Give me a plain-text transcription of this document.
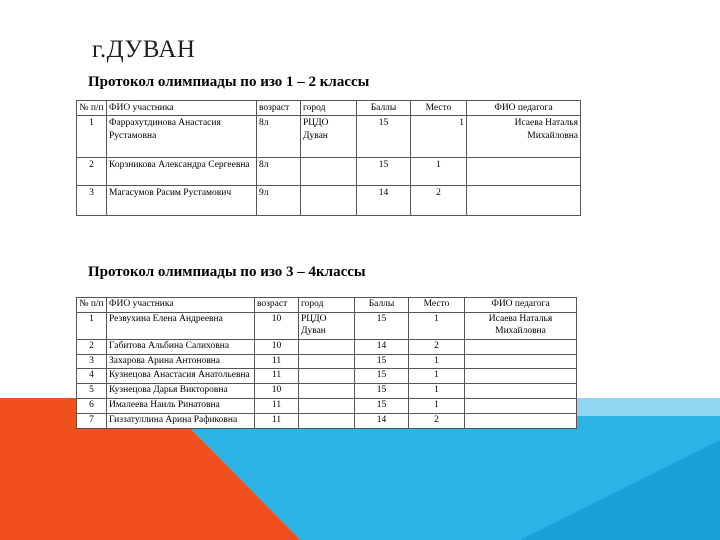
г.ДУВАН
Протокол олимпиады по изо 1 – 2 классы
№ п/п	ФИО участника	возраст	город	Баллы	Место	ФИО педагога
1	Фаррахутдинова Анастасия Рустамовна	8л	РЦДО Дуван	15	1	Исаева Наталья Михайловна
2	Корзникова Александра Сергеевна	8л		15	1	
3	Магасумов Расим Рустамович	9л		14	2	
Протокол олимпиады по изо 3 – 4классы
№ п/п	ФИО участника	возраст	город	Баллы	Место	ФИО педагога
1	Резвухина Елена Андреевна	10	РЦДО Дуван	15	1	Исаева Наталья Михайловна
2	Габитова Альбина Салиховна	10		14	2	
3	Захарова Арина Антоновна	11		15	1	
4	Кузнецова Анастасия Анатольевна	11		15	1	
5	Кузнецова Дарья Викторовна	10		15	1	
6	Ималеева Наиль Ринатовна	11		15	1	
7	Гиззатуллина Арина Рафиковна	11		14	2	
